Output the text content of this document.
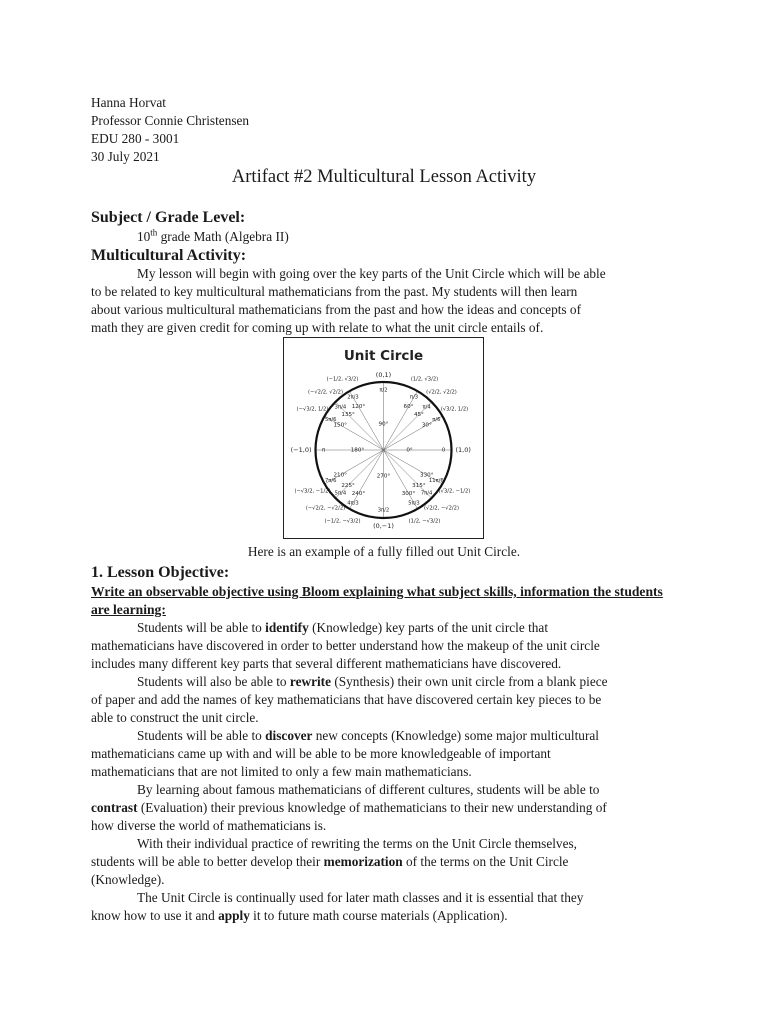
Hanna Horvat
Professor Connie Christensen
EDU 280 - 3001
30 July 2021
Artifact #2 Multicultural Lesson Activity
Subject / Grade Level:
10th grade Math (Algebra II)
Multicultural Activity:
My lesson will begin with going over the key parts of the Unit Circle which will be able
to be related to key multicultural mathematicians from the past. My students will then learn
about various multicultural mathematicians from the past and how the ideas and concepts of
math they are given credit for coming up with relate to what the unit circle entails of.
Unit Circle
0°
30°
45°
60°
90°
120°
135°
150°
180°
210°
225°
240°
270°
300°
315°
330°
0
π/6
π/4
π/3
π/2
2π/3
3π/4
5π/6
π
7π/6
5π/4
4π/3
3π/2
5π/3
7π/4
11π/6
(√3/2, 1/2)
(√2/2, √2/2)
(1/2, √3/2)
(−1/2, √3/2)
(−√2/2, √2/2)
(−√3/2, 1/2)
(−√3/2, −1/2)
(−√2/2, −√2/2)
(−1/2, −√3/2)	(1/2, −√3/2)
(√2/2, −√2/2)
(√3/2, −1/2)
(0,1)
(0,−1)
(−1,0)	(1,0)
Here is an example of a fully filled out Unit Circle.
1. Lesson Objective:
Write an observable objective using Bloom explaining what subject skills, information the students are learning:
Students will be able to identify (Knowledge) key parts of the unit circle that
mathematicians have discovered in order to better understand how the makeup of the unit circle
includes many different key parts that several different mathematicians have discovered.
Students will also be able to rewrite (Synthesis) their own unit circle from a blank piece
of paper and add the names of key mathematicians that have discovered certain key pieces to be
able to construct the unit circle.
Students will be able to discover new concepts (Knowledge) some major multicultural
mathematicians came up with and will be able to be more knowledgeable of important
mathematicians that are not limited to only a few main mathematicians.
By learning about famous mathematicians of different cultures, students will be able to
contrast (Evaluation) their previous knowledge of mathematicians to their new understanding of
how diverse the world of mathematicians is.
With their individual practice of rewriting the terms on the Unit Circle themselves,
students will be able to better develop their memorization of the terms on the Unit Circle
(Knowledge).
The Unit Circle is continually used for later math classes and it is essential that they
know how to use it and apply it to future math course materials (Application).
